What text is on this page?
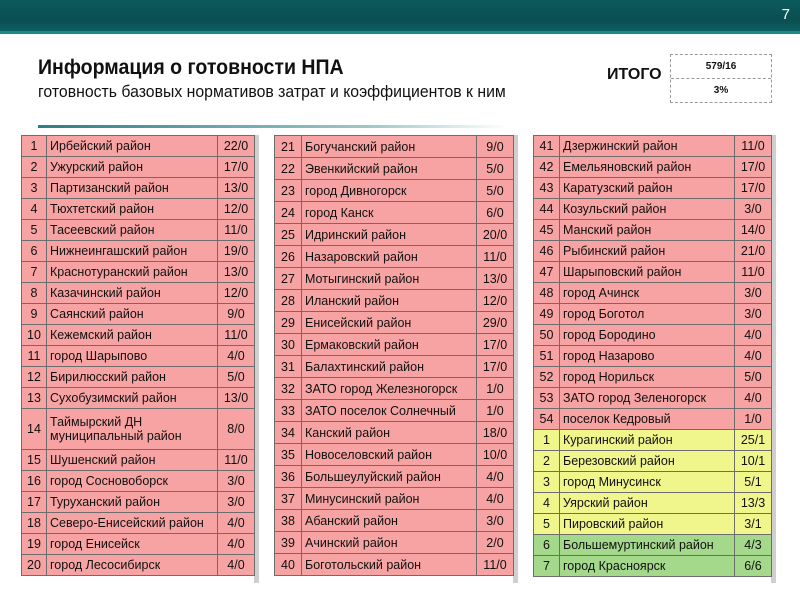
7
Информация о готовности НПА
готовность базовых нормативов затрат и коэффициентов к ним
ИТОГО	579/16
3%
1	Ирбейский район	22/0
2	Ужурский район	17/0
3	Партизанский район	13/0
4	Тюхтетский район	12/0
5	Тасеевский район	11/0
6	Нижнеингашский район	19/0
7	Краснотуранский район	13/0
8	Казачинский район	12/0
9	Саянский район	9/0
10	Кежемский район	11/0
11	город Шарыпово	4/0
12	Бирилюсский район	5/0
13	Сухобузимский район	13/0
14	Таймырский ДН муниципальный район	8/0
15	Шушенский район	11/0
16	город Сосновоборск	3/0
17	Туруханский район	3/0
18	Северо-Енисейский район	4/0
19	город Енисейск	4/0
20	город Лесосибирск	4/0
21	Богучанский район	9/0
22	Эвенкийский район	5/0
23	город Дивногорск	5/0
24	город Канск	6/0
25	Идринский район	20/0
26	Назаровский район	11/0
27	Мотыгинский район	13/0
28	Иланский район	12/0
29	Енисейский район	29/0
30	Ермаковский район	17/0
31	Балахтинский район	17/0
32	ЗАТО город Железногорск	1/0
33	ЗАТО поселок Солнечный	1/0
34	Канский район	18/0
35	Новоселовский район	10/0
36	Большеулуйский район	4/0
37	Минусинский район	4/0
38	Абанский район	3/0
39	Ачинский район	2/0
40	Боготольский район	11/0
41	Дзержинский район	11/0
42	Емельяновский район	17/0
43	Каратузский район	17/0
44	Козульский район	3/0
45	Манский район	14/0
46	Рыбинский район	21/0
47	Шарыповский район	11/0
48	город Ачинск	3/0
49	город Боготол	3/0
50	город Бородино	4/0
51	город Назарово	4/0
52	город Норильск	5/0
53	ЗАТО город Зеленогорск	4/0
54	поселок Кедровый	1/0
1	Курагинский район	25/1
2	Березовский район	10/1
3	город Минусинск	5/1
4	Уярский район	13/3
5	Пировский район	3/1
6	Большемуртинский район	4/3
7	город Красноярск	6/6
